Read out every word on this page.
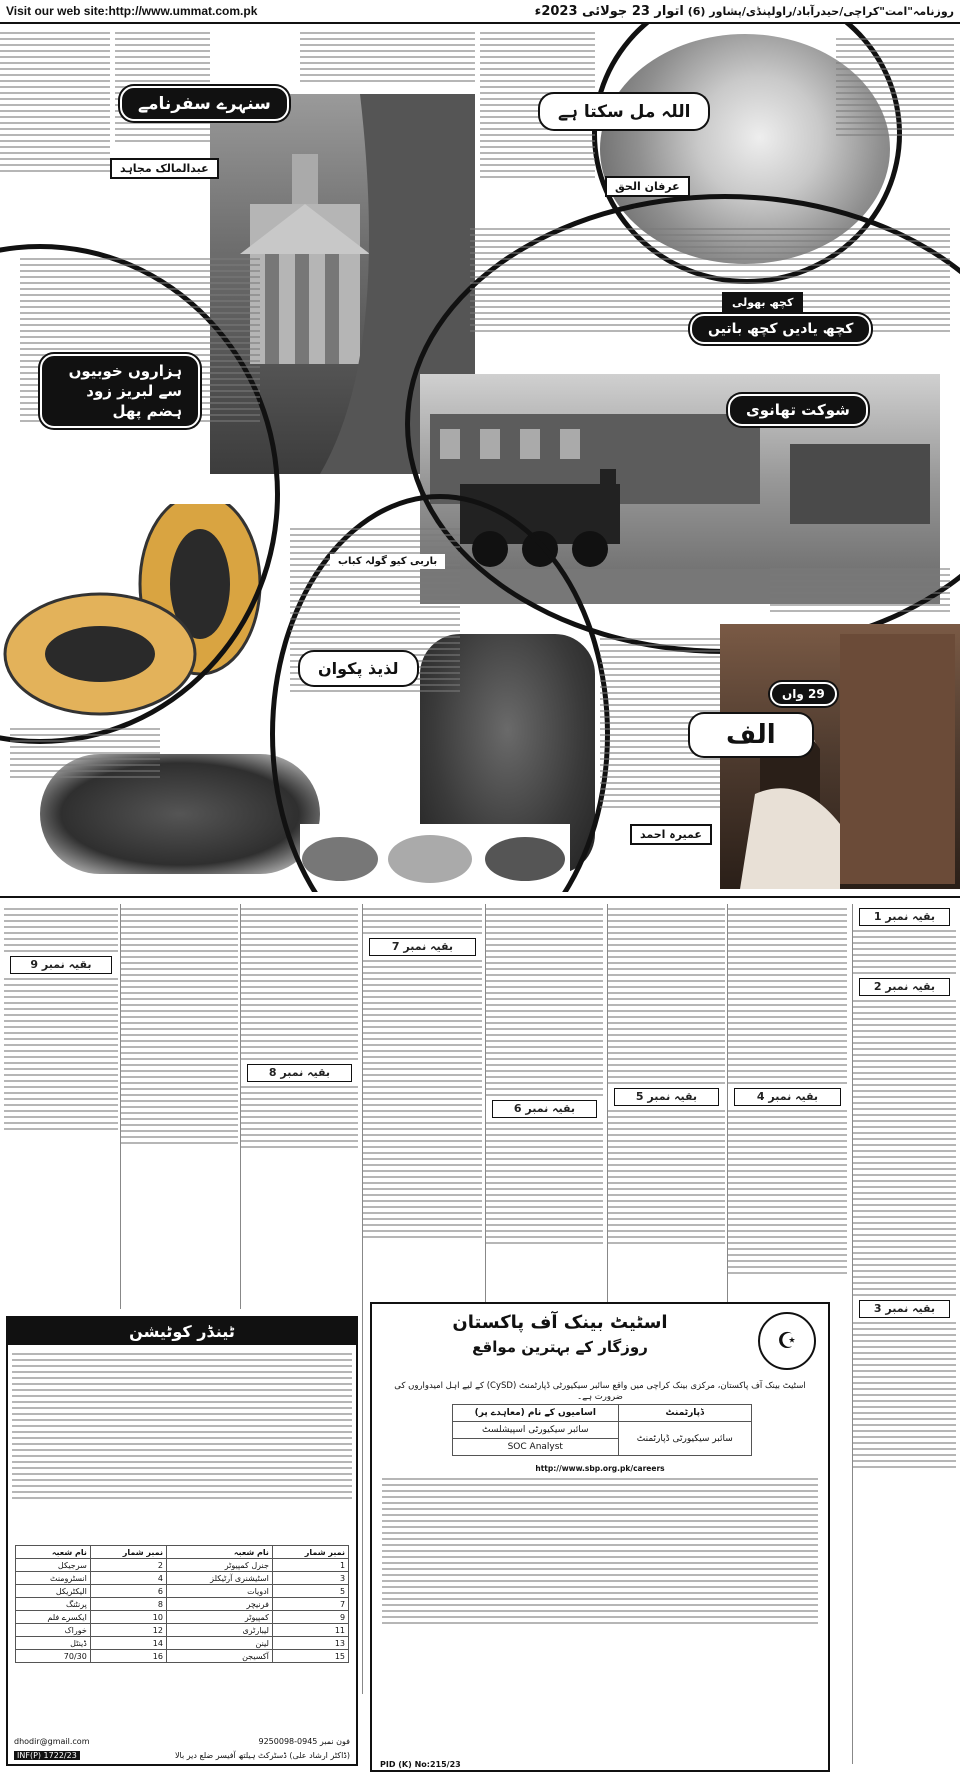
Visit our web site:http://www.ummat.com.pk	روزنامہ"امت"کراچی/حیدرآباد/راولپنڈی/پشاور (6) اتوار 23 جولائی 2023ء
اللہ مل سکتا ہے
عرفان الحق
سنہرے سفرنامے
عبدالمالک مجاہد
ہزاروں خوبیوں سے لبریز زود ہضم پھل
کچھ بھولی
کچھ یادیں کچھ باتیں
شوکت تھانوی
لذیذ پکوان
باربی کیو گولہ کباب
29 واں
الف
عمیرہ احمد
بقیہ نمبر 1
بقیہ نمبر 2
بقیہ نمبر 3
بقیہ نمبر 4
بقیہ نمبر 5
بقیہ نمبر 6
بقیہ نمبر 7
بقیہ نمبر 8
بقیہ نمبر 9
ٹینڈر کوٹیشن
نمبر شمار	نام شعبہ	نمبر شمار	نام شعبہ
1	جنرل کمپیوٹر	2	سرجیکل
3	اسٹیشنری آرٹیکلز	4	انسٹرومنٹ
5	ادویات	6	الیکٹریکل
7	فرنیچر	8	پرنٹنگ
9	کمپیوٹر	10	ایکسرے فلم
11	لیبارٹری	12	خوراک
13	لینن	14	ڈینٹل
15	آکسیجن	16	70/30
(ڈاکٹر ارشاد علی) ڈسٹرکٹ ہیلتھ آفیسر ضلع دیر بالا
INF(P) 1722/23
فون نمبر 0945-9250098
dhodir@gmail.com
اسٹیٹ بینک آف پاکستان
روزگار کے بہترین مواقع	☪
اسٹیٹ بینک آف پاکستان، مرکزی بینک کراچی میں واقع سائبر سیکیورٹی ڈپارٹمنٹ (CySD) کے لیے اہل امیدواروں کی ضرورت ہے۔
ڈپارٹمنٹ	اسامیوں کے نام (معاہدے پر)
سائبر سیکیورٹی ڈپارٹمنٹ	سائبر سیکیورٹی اسپیشلسٹ
	SOC Analyst
http://www.sbp.org.pk/careers
PID (K) No:215/23
